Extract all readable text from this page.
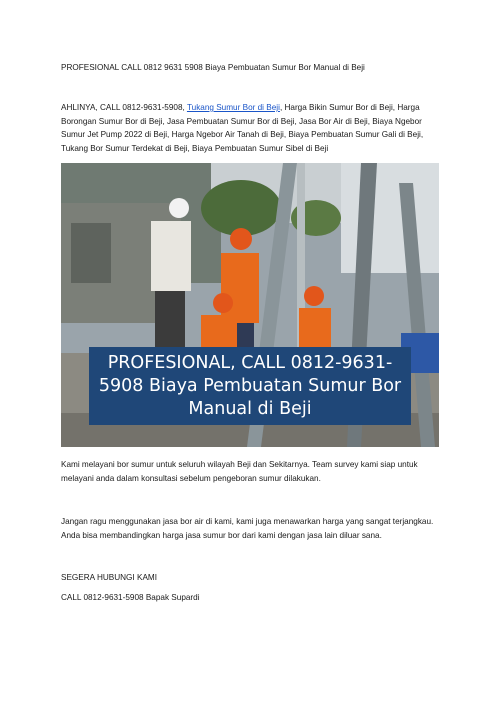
PROFESIONAL CALL 0812 9631 5908 Biaya Pembuatan Sumur Bor Manual di Beji

AHLINYA, CALL 0812-9631-5908, Tukang Sumur Bor di Beji, Harga Bikin Sumur Bor di Beji, Harga Borongan Sumur Bor di Beji, Jasa Pembuatan Sumur Bor di Beji, Jasa Bor Air di Beji, Biaya Ngebor Sumur Jet Pump 2022 di Beji, Harga Ngebor Air Tanah di Beji, Biaya Pembuatan Sumur Gali di Beji, Tukang Bor Sumur Terdekat di Beji, Biaya Pembuatan Sumur Sibel di Beji

PROFESIONAL, CALL 0812-9631-5908 Biaya Pembuatan Sumur Bor Manual di Beji

Kami melayani bor sumur untuk seluruh wilayah Beji dan Sekitarnya. Team survey kami siap untuk melayani anda dalam konsultasi sebelum pengeboran sumur dilakukan.

Jangan ragu menggunakan jasa bor air di kami, kami juga menawarkan harga yang sangat terjangkau. Anda bisa membandingkan harga jasa sumur bor dari kami dengan jasa lain diluar sana.

SEGERA HUBUNGI KAMI

CALL 0812-9631-5908 Bapak Supardi
